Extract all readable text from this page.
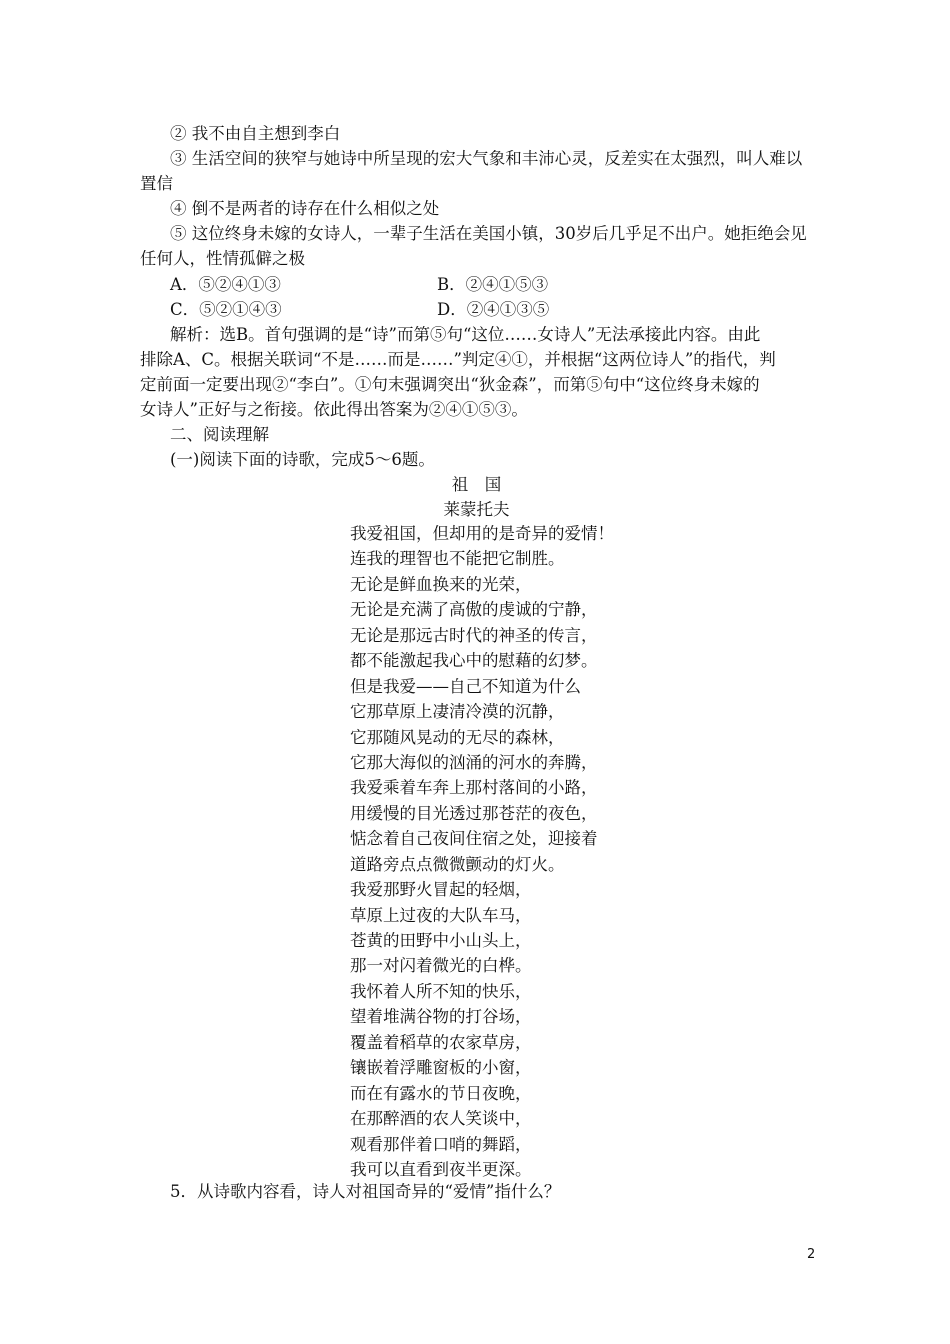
② 我不由自主想到李白
③ 生活空间的狭窄与她诗中所呈现的宏大气象和丰沛心灵，反差实在太强烈，叫人难以
置信
④ 倒不是两者的诗存在什么相似之处
⑤ 这位终身未嫁的女诗人，一辈子生活在美国小镇，30岁后几乎足不出户。她拒绝会见
任何人，性情孤僻之极
A．⑤②④①③	B．②④①⑤③
C．⑤②①④③	D．②④①③⑤
解析：选B。首句强调的是“诗”而第⑤句“这位……女诗人”无法承接此内容。由此
排除A、C。根据关联词“不是……而是……”判定④①，并根据“这两位诗人”的指代，判
定前面一定要出现②“李白”。①句末强调突出“狄金森”，而第⑤句中“这位终身未嫁的
女诗人”正好与之衔接。依此得出答案为②④①⑤③。
二、阅读理解
(一)阅读下面的诗歌，完成5～6题。
祖　国
莱蒙托夫
我爱祖国，但却用的是奇异的爱情！
连我的理智也不能把它制胜。
无论是鲜血换来的光荣，
无论是充满了高傲的虔诚的宁静，
无论是那远古时代的神圣的传言，
都不能激起我心中的慰藉的幻梦。
但是我爱——自己不知道为什么
它那草原上凄清冷漠的沉静，
它那随风晃动的无尽的森林，
它那大海似的汹涌的河水的奔腾，
我爱乘着车奔上那村落间的小路，
用缓慢的目光透过那苍茫的夜色，
惦念着自己夜间住宿之处，迎接着
道路旁点点微微颤动的灯火。
我爱那野火冒起的轻烟，
草原上过夜的大队车马，
苍黄的田野中小山头上，
那一对闪着微光的白桦。
我怀着人所不知的快乐，
望着堆满谷物的打谷场，
覆盖着稻草的农家草房，
镶嵌着浮雕窗板的小窗，
而在有露水的节日夜晚，
在那醉酒的农人笑谈中，
观看那伴着口哨的舞蹈，
我可以直看到夜半更深。
5．从诗歌内容看，诗人对祖国奇异的“爱情”指什么？
2
